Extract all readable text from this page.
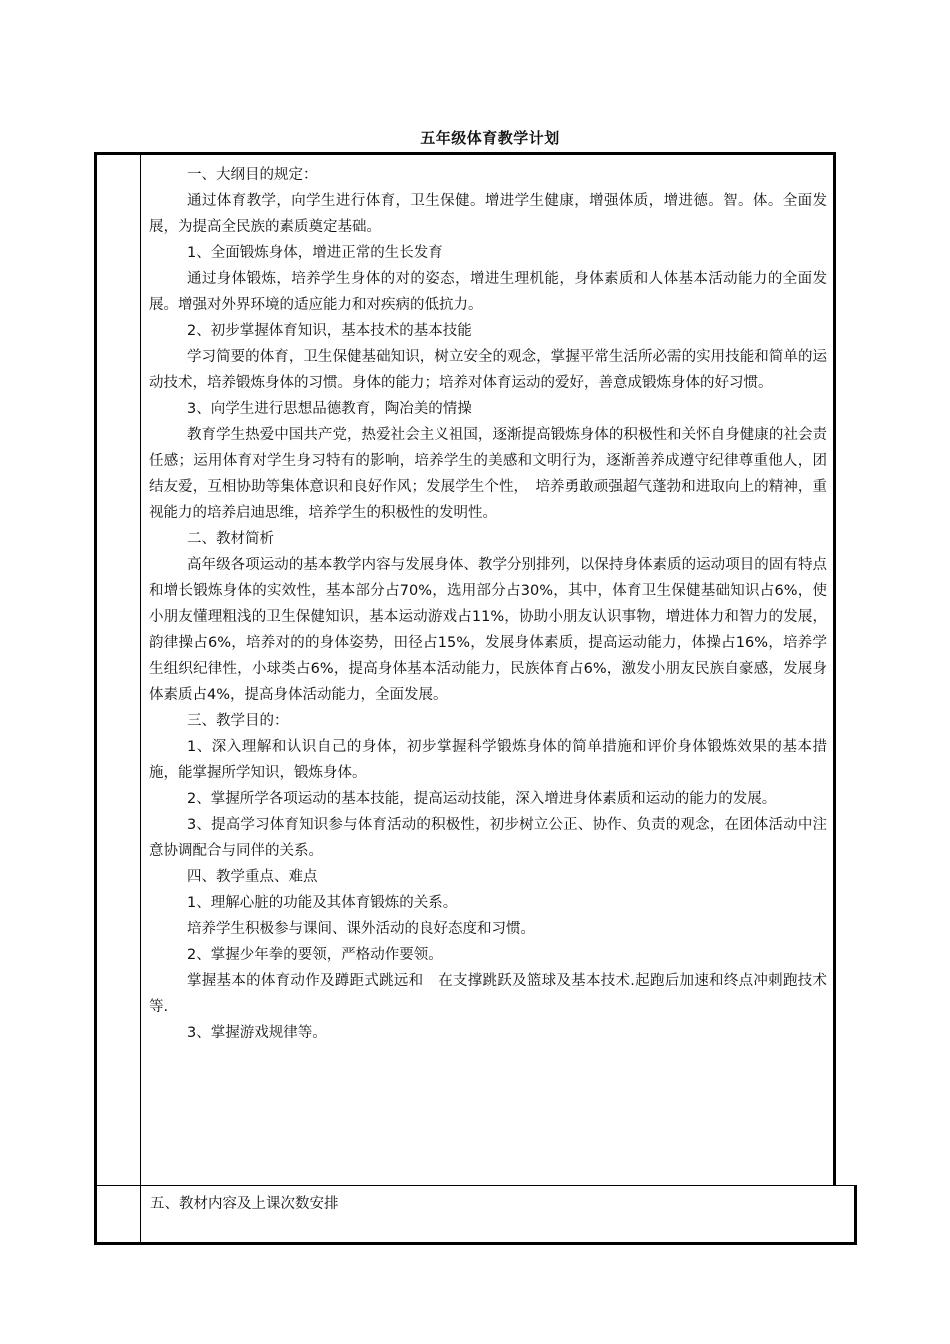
五年级体育教学计划

一、大纲目的规定：

通过体育教学，向学生进行体育，卫生保健。增进学生健康，增强体质，增进德。智。体。全面发展，为提高全民族的素质奠定基础。

1、全面锻炼身体，增进正常的生长发育

通过身体锻炼，培养学生身体的对的姿态，增进生理机能，身体素质和人体基本活动能力的全面发展。增强对外界环境的适应能力和对疾病的低抗力。

2、初步掌握体育知识，基本技术的基本技能

学习简要的体育，卫生保健基础知识，树立安全的观念，掌握平常生活所必需的实用技能和简单的运动技术，培养锻炼身体的习惯。身体的能力；培养对体育运动的爱好，善意成锻炼身体的好习惯。

3、向学生进行思想品德教育，陶冶美的情操

教育学生热爱中国共产党，热爱社会主义祖国，逐渐提高锻炼身体的积极性和关怀自身健康的社会责任感；运用体育对学生身习特有的影响，培养学生的美感和文明行为，逐渐善养成遵守纪律尊重他人，团结友爱，互相协助等集体意识和良好作风；发展学生个性，　培养勇敢顽强超气蓬勃和进取向上的精神，重视能力的培养启迪思维，培养学生的积极性的发明性。

二、教材简析

高年级各项运动的基本教学内容与发展身体、教学分别排列，以保持身体素质的运动项目的固有特点和增长锻炼身体的实效性，基本部分占70%，选用部分占30%，其中，体育卫生保健基础知识占6%，使小朋友懂理粗浅的卫生保健知识，基本运动游戏占11%，协助小朋友认识事物，增进体力和智力的发展，韵律操占6%，培养对的的身体姿势，田径占15%，发展身体素质，提高运动能力，体操占16%，培养学生组织纪律性，小球类占6%，提高身体基本活动能力，民族体育占6%，激发小朋友民族自豪感，发展身体素质占4%，提高身体活动能力，全面发展。

三、教学目的：

1、深入理解和认识自己的身体，初步掌握科学锻炼身体的简单措施和评价身体锻炼效果的基本措施，能掌握所学知识，锻炼身体。

2、掌握所学各项运动的基本技能，提高运动技能，深入增进身体素质和运动的能力的发展。

3、提高学习体育知识参与体育活动的积极性，初步树立公正、协作、负责的观念，在团体活动中注意协调配合与同伴的关系。

四、教学重点、难点

1、理解心脏的功能及其体育锻炼的关系。

培养学生积极参与课间、课外活动的良好态度和习惯。

2、掌握少年拳的要领，严格动作要领。

掌握基本的体育动作及蹲距式跳远和　在支撑跳跃及篮球及基本技术.起跑后加速和终点冲刺跑技术等.

3、掌握游戏规律等。

五、教材内容及上课次数安排
